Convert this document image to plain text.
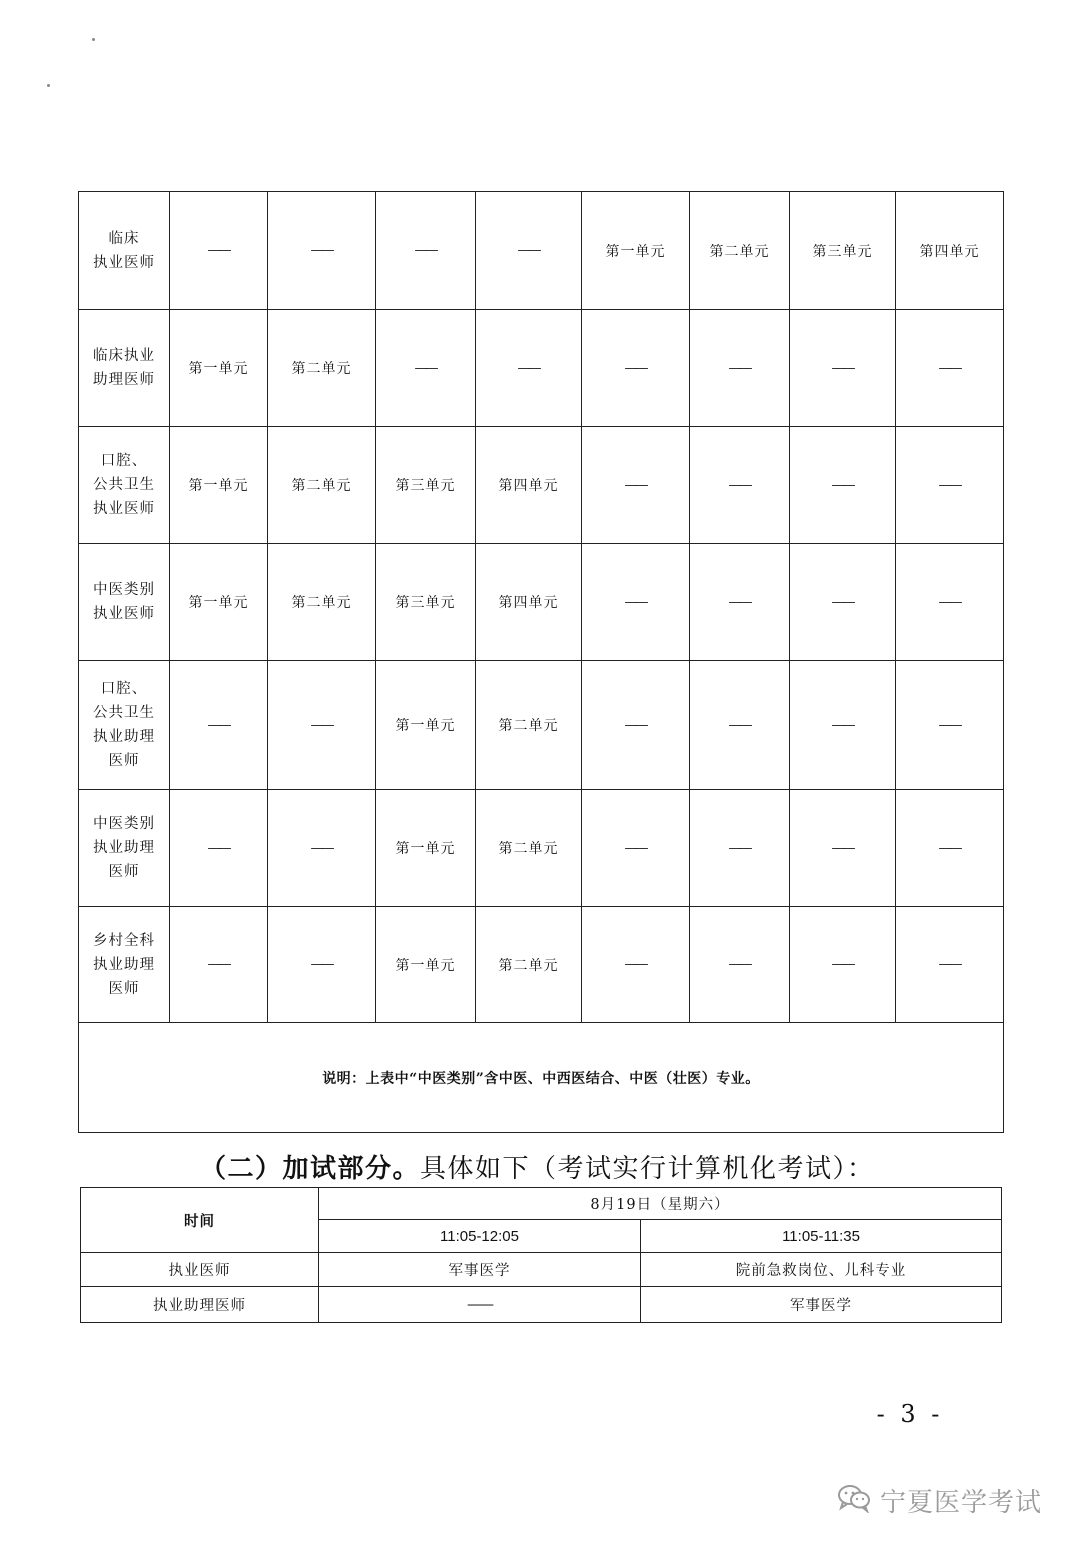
临床
执业医师	——	——	——	——	第一单元	第二单元	第三单元	第四单元

临床执业
助理医师	第一单元	第二单元	——	——	——	——	——	——

口腔、
公共卫生
执业医师	第一单元	第二单元	第三单元	第四单元	——	——	——	——

中医类别
执业医师	第一单元	第二单元	第三单元	第四单元	——	——	——	——

口腔、
公共卫生
执业助理
医师	——	——	第一单元	第二单元	——	——	——	——

中医类别
执业助理
医师	——	——	第一单元	第二单元	——	——	——	——

乡村全科
执业助理
医师	——	——	第一单元	第二单元	——	——	——	——
说明：上表中“中医类别”含中医、中西医结合、中医（壮医）专业。								
（二）加试部分。具体如下（考试实行计算机化考试）：
时间	8月19日（星期六）	
	11:05-12:05	11:05-11:35
执业医师	军事医学	院前急救岗位、儿科专业
执业助理医师	——	军事医学
- 3 -
宁夏医学考试
